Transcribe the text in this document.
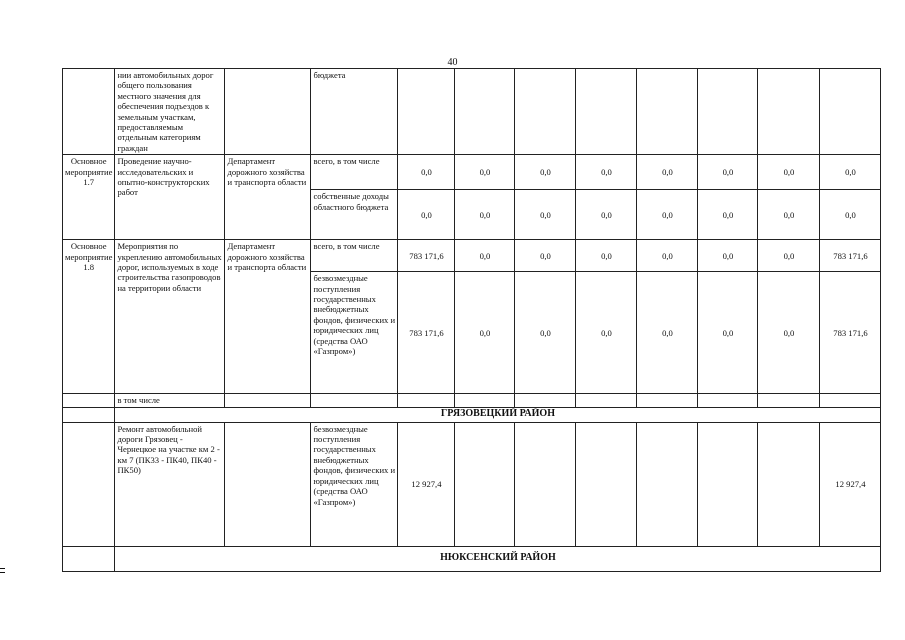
40
	нии автомобильных дорог общего пользования местного значения для обеспечения подъездов к земельным участкам, предоставляемым отдельным категориям граждан		бюджета								
Основное мероприятие 1.7	Проведение научно-исследовательских и опытно-конструкторских работ	Департамент дорожного хозяйства и транспорта области	всего, в том числе	0,0	0,0	0,0	0,0	0,0	0,0	0,0	0,0
			собственные доходы областного бюджета	0,0	0,0	0,0	0,0	0,0	0,0	0,0	0,0
Основное мероприятие 1.8	Мероприятия по укреплению автомобильных дорог, используемых в ходе строительства газопроводов на территории области	Департамент дорожного хозяйства и транспорта области	всего, в том числе	783 171,6	0,0	0,0	0,0	0,0	0,0	0,0	783 171,6
			безвозмездные поступления государственных внебюджетных фондов, физических и юридических лиц (средства ОАО «Газпром»)	783 171,6	0,0	0,0	0,0	0,0	0,0	0,0	783 171,6
	в том числе										
	ГРЯЗОВЕЦКИЙ РАЙОН										
	Ремонт автомобильной дороги Грязовец - Чернецкое на участке км 2 - км 7 (ПК33 - ПК40, ПК40 - ПК50)		безвозмездные поступления государственных внебюджетных фондов, физических и юридических лиц (средства ОАО «Газпром»)	12 927,4							12 927,4
	НЮКСЕНСКИЙ РАЙОН										
